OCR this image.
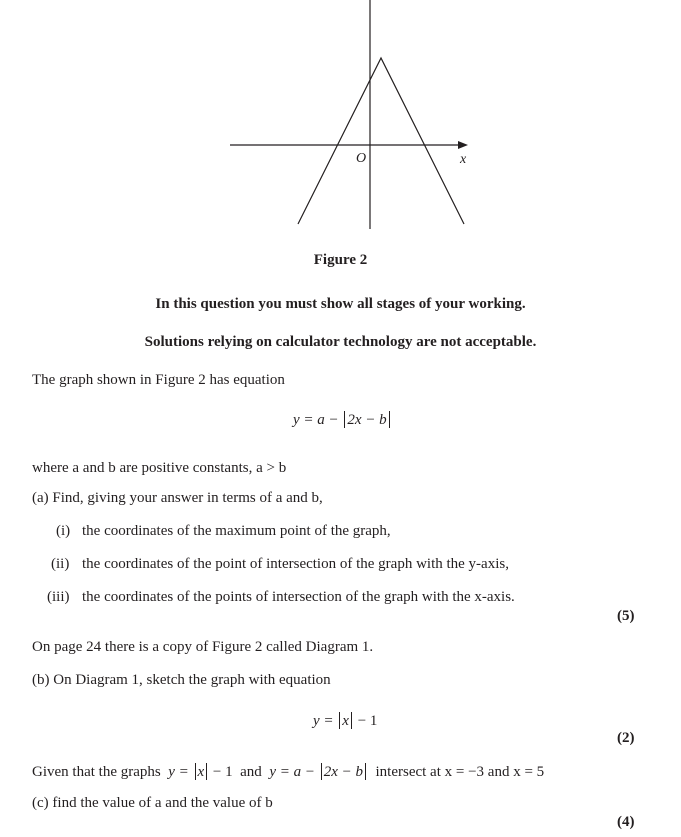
O	x
Figure 2
In this question you must show all stages of your working.
Solutions relying on calculator technology are not acceptable.
The graph shown in Figure 2 has equation
y = a − 2x − b
where a and b are positive constants, a > b
(a) Find, giving your answer in terms of a and b,
(i) the coordinates of the maximum point of the graph,
(ii) the coordinates of the point of intersection of the graph with the y-axis,
(iii) the coordinates of the points of intersection of the graph with the x-axis.
(5)
On page 24 there is a copy of Figure 2 called Diagram 1.
(b) On Diagram 1, sketch the graph with equation
y = x − 1
(2)
Given that the graphs y = x − 1 and y = a − 2x − b intersect at x = −3 and x = 5
(c) find the value of a and the value of b
(4)
